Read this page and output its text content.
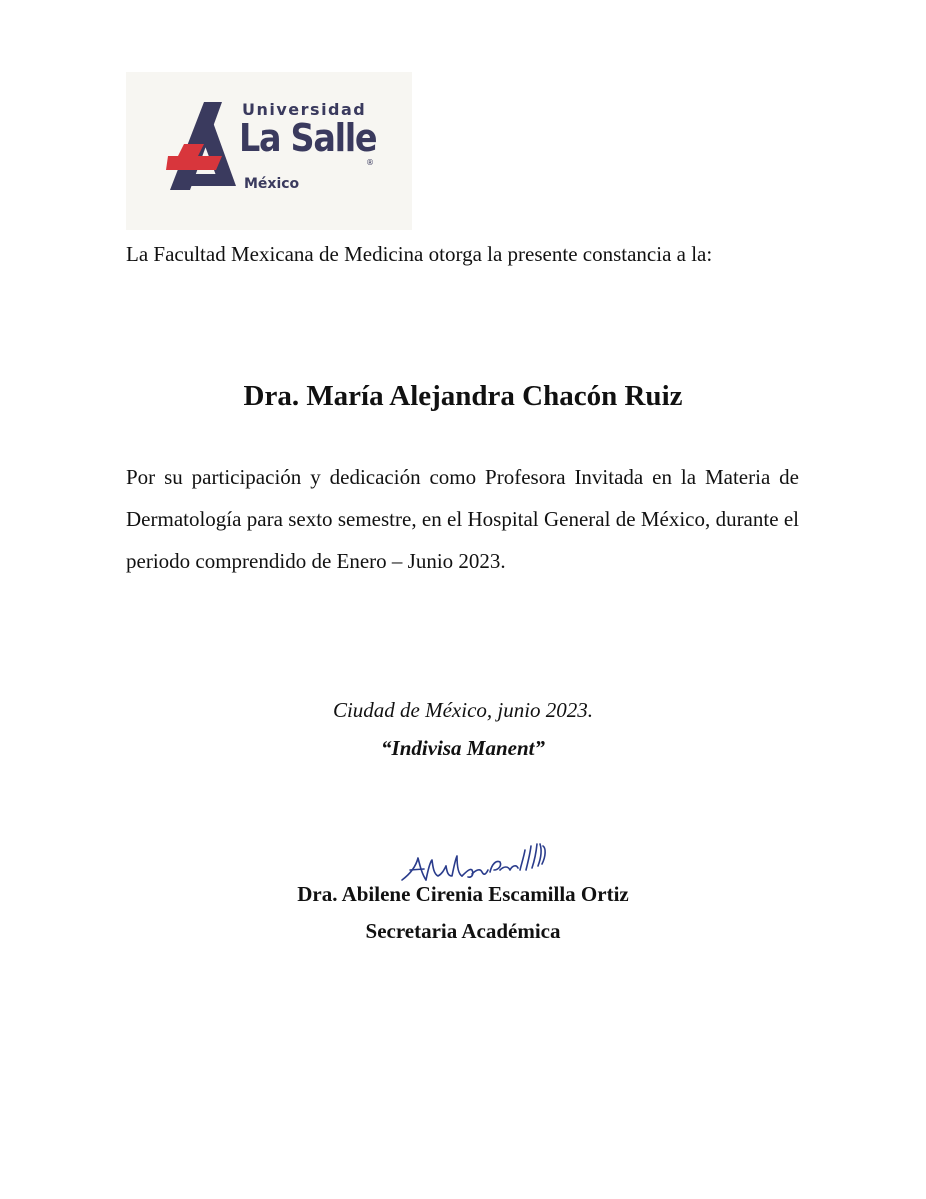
Universidad
La Salle
®
México

La Facultad Mexicana de Medicina otorga la presente constancia a la:

Dra. María Alejandra Chacón Ruiz

Por su participación y dedicación como Profesora Invitada en la Materia de Dermatología para sexto semestre, en el Hospital General de México, durante el periodo comprendido de Enero – Junio 2023.

Ciudad de México, junio 2023.
“Indivisa Manent”
Dra. Abilene Cirenia Escamilla Ortiz
Secretaria Académica
